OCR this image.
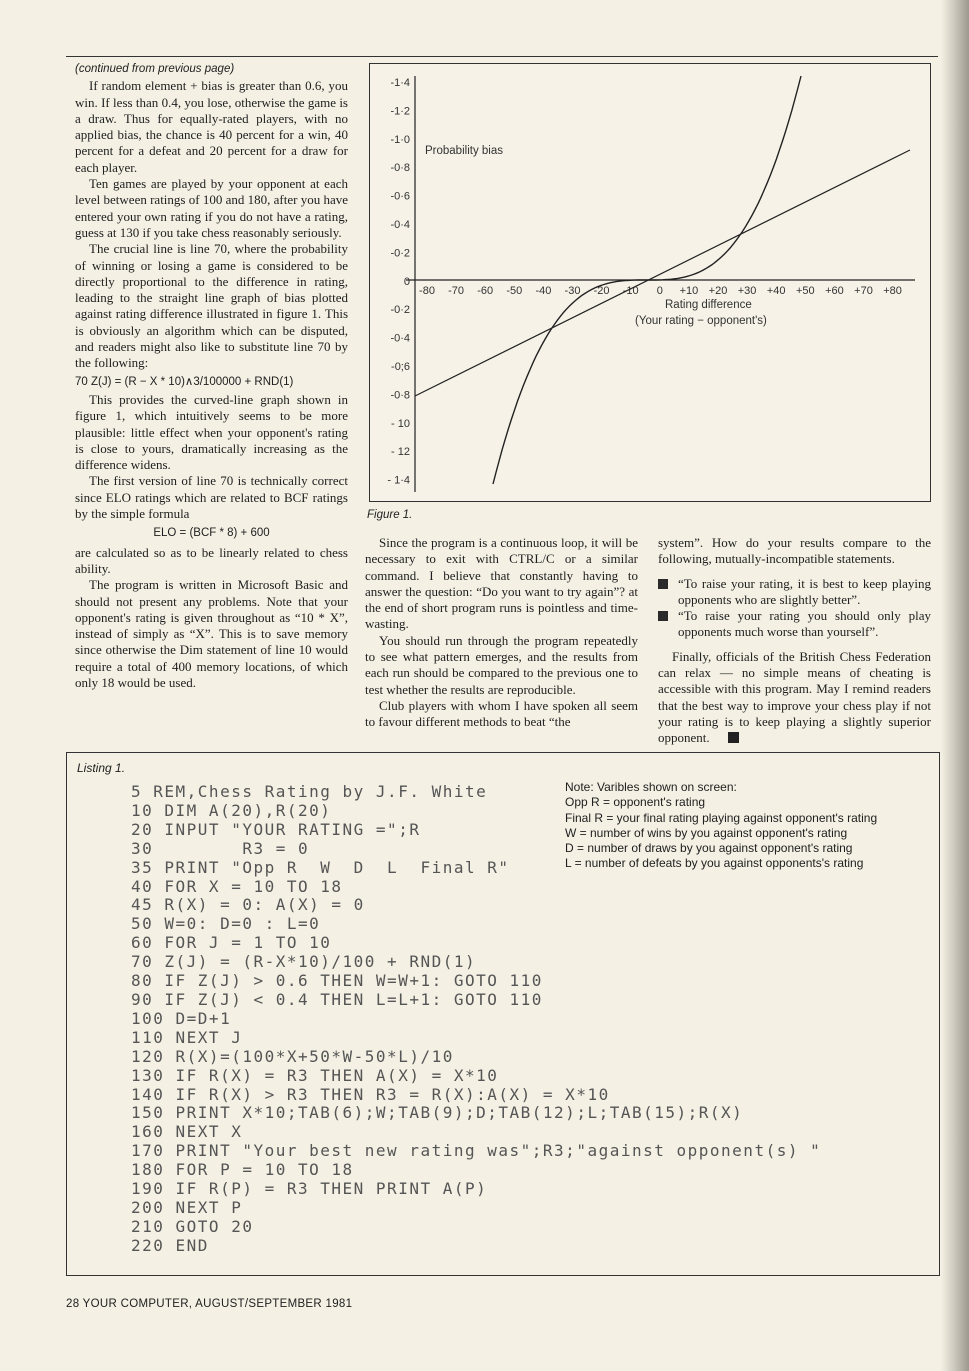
(continued from previous page)

If random element + bias is greater than 0.6, you win. If less than 0.4, you lose, otherwise the game is a draw. Thus for equally-rated players, with no applied bias, the chance is 40 percent for a win, 40 percent for a defeat and 20 percent for a draw for each player.

Ten games are played by your opponent at each level between ratings of 100 and 180, after you have entered your own rating if you do not have a rating, guess at 130 if you take chess reasonably seriously.

The crucial line is line 70, where the probability of winning or losing a game is considered to be directly proportional to the difference in rating, leading to the straight line graph of bias plotted against rating difference illustrated in figure 1. This is obviously an algorithm which can be disputed, and readers might also like to substitute line 70 by the following:

70 Z(J) = (R − X * 10)∧3/100000 + RND(1)

This provides the curved-line graph shown in figure 1, which intuitively seems to be more plausible: little effect when your opponent's rating is close to yours, dramatically increasing as the difference widens.

The first version of line 70 is technically correct since ELO ratings which are related to BCF ratings by the simple formula

ELO = (BCF * 8) + 600

are calculated so as to be linearly related to chess ability.

The program is written in Microsoft Basic and should not present any problems. Note that your opponent's rating is given throughout as “10 * X”, instead of simply as “X”. This is to save memory since otherwise the Dim statement of line 10 would require a total of 400 memory locations, of which only 18 would be used.

-1·4
-1·2
-1·0
-0·8
-0·6
-0·4
-0·2
0
-0·2
-0·4
-0;6
-0·8
- 10
- 12
- 1·4
-80 -70 -60 -50 -40 -30 -20 -10 0 +10 +20 +30 +40 +50 +60 +70 +80
Probability bias
Rating difference
(Your rating − opponent's)
Figure 1.

Since the program is a continuous loop, it will be necessary to exit with CTRL/C or a similar command. I believe that constantly having to answer the question: “Do you want to try again”? at the end of short program runs is pointless and time-wasting.

You should run through the program repeatedly to see what pattern emerges, and the results from each run should be compared to the previous one to test whether the results are reproducible.

Club players with whom I have spoken all seem to favour different methods to beat “the

system”. How do your results compare to the following, mutually-incompatible statements.

“To raise your rating, it is best to keep playing opponents who are slightly better”.
“To raise your rating you should only play opponents much worse than yourself”.

Finally, officials of the British Chess Federation can relax — no simple means of cheating is accessible with this program. May I remind readers that the best way to improve your chess play if not your rating is to keep playing a slightly superior opponent.

Listing 1.
5 REM,Chess Rating by J.F. White
10 DIM A(20),R(20)
20 INPUT "YOUR RATING =";R
30        R3 = 0
35 PRINT "Opp R  W  D  L  Final R"
40 FOR X = 10 TO 18
45 R(X) = 0: A(X) = 0
50 W=0: D=0 : L=0
60 FOR J = 1 TO 10
70 Z(J) = (R-X*10)/100 + RND(1)
80 IF Z(J) > 0.6 THEN W=W+1: GOTO 110
90 IF Z(J) < 0.4 THEN L=L+1: GOTO 110
100 D=D+1
110 NEXT J
120 R(X)=(100*X+50*W-50*L)/10
130 IF R(X) = R3 THEN A(X) = X*10
140 IF R(X) > R3 THEN R3 = R(X):A(X) = X*10
150 PRINT X*10;TAB(6);W;TAB(9);D;TAB(12);L;TAB(15);R(X)
160 NEXT X
170 PRINT "Your best new rating was";R3;"against opponent(s) "
180 FOR P = 10 TO 18
190 IF R(P) = R3 THEN PRINT A(P)
200 NEXT P
210 GOTO 20
220 END
Note: Varibles shown on screen:
Opp R = opponent's rating
Final R = your final rating playing against opponent's rating
W = number of wins by you against opponent's rating
D = number of draws by you against opponent's rating
L = number of defeats by you against opponents's rating
28 YOUR COMPUTER, AUGUST/SEPTEMBER 1981
